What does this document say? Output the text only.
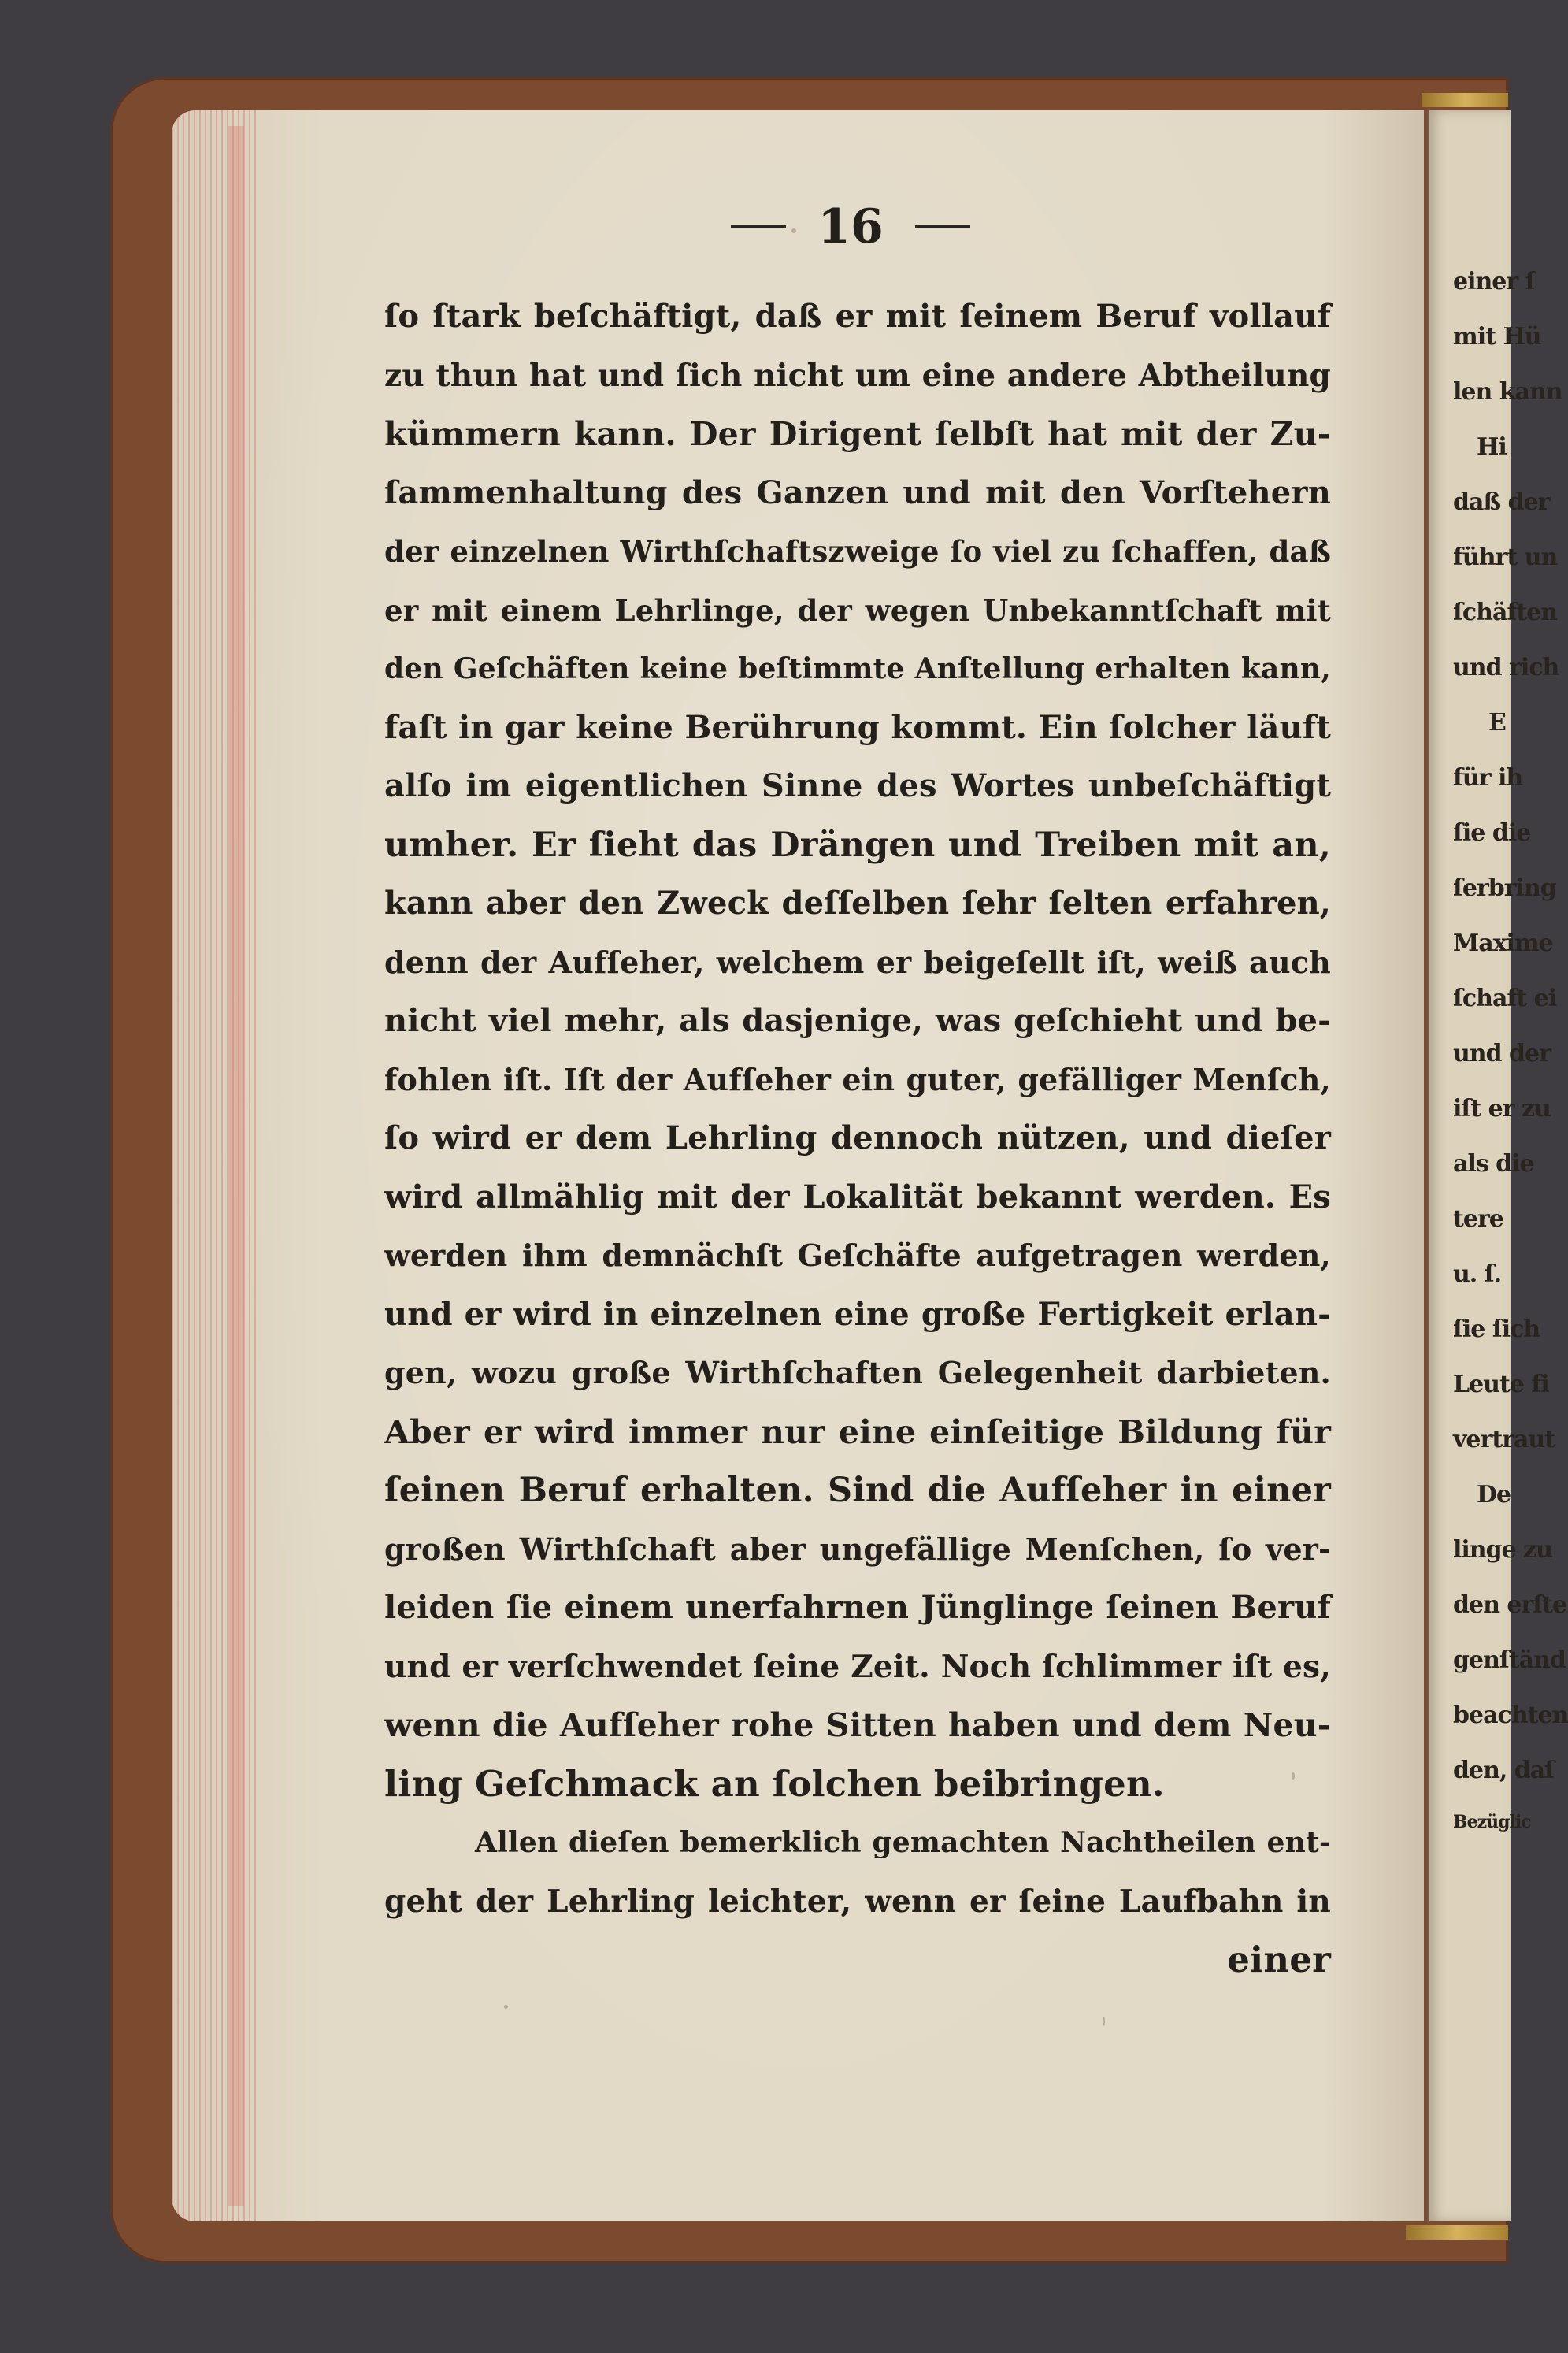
einer ſ
mit Hü
len kann
Hi
daß der
führt un
ſchäften
und rich
E
für ih
ſie die
ſerbring
Maxime
ſchaft ei
und der
iſt er zu
als die
tere
u. ſ.
ſie ſich
Leute fi
vertraut
De
linge zu
den erſte
genſtänd
beachten
den, daſ
Bezüglic
16
ſo ſtark beſchäftigt, daß er mit ſeinem Beruf vollauf
zu thun hat und ſich nicht um eine andere Abtheilung
kümmern kann. Der Dirigent ſelbſt hat mit der Zu-
ſammenhaltung des Ganzen und mit den Vorſtehern
der einzelnen Wirthſchaftszweige ſo viel zu ſchaffen, daß
er mit einem Lehrlinge, der wegen Unbekanntſchaft mit
den Geſchäften keine beſtimmte Anſtellung erhalten kann,
faſt in gar keine Berührung kommt. Ein ſolcher läuft
alſo im eigentlichen Sinne des Wortes unbeſchäftigt
umher. Er ſieht das Drängen und Treiben mit an,
kann aber den Zweck deſſelben ſehr ſelten erfahren,
denn der Aufſeher, welchem er beigeſellt iſt, weiß auch
nicht viel mehr, als dasjenige, was geſchieht und be-
fohlen iſt. Iſt der Aufſeher ein guter, gefälliger Menſch,
ſo wird er dem Lehrling dennoch nützen, und dieſer
wird allmählig mit der Lokalität bekannt werden. Es
werden ihm demnächſt Geſchäfte aufgetragen werden,
und er wird in einzelnen eine große Fertigkeit erlan-
gen, wozu große Wirthſchaften Gelegenheit darbieten.
Aber er wird immer nur eine einſeitige Bildung für
ſeinen Beruf erhalten. Sind die Aufſeher in einer
großen Wirthſchaft aber ungefällige Menſchen, ſo ver-
leiden ſie einem unerfahrnen Jünglinge ſeinen Beruf
und er verſchwendet ſeine Zeit. Noch ſchlimmer iſt es,
wenn die Aufſeher rohe Sitten haben und dem Neu-
ling Geſchmack an ſolchen beibringen.
Allen dieſen bemerklich gemachten Nachtheilen ent-
geht der Lehrling leichter, wenn er ſeine Laufbahn in
einer
